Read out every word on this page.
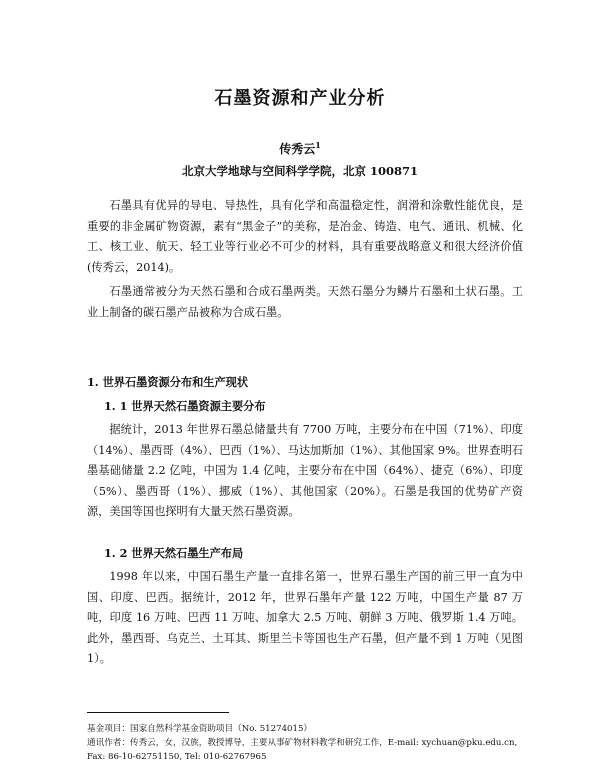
石墨资源和产业分析
传秀云$^1$
北京大学地球与空间科学学院，北京 100871

石墨具有优异的导电、导热性，具有化学和高温稳定性，润滑和涂敷性能优良，是重要的非金属矿物资源，素有“黑金子”的美称，是冶金、铸造、电气、通讯、机械、化工、核工业、航天、轻工业等行业必不可少的材料，具有重要战略意义和很大经济价值(传秀云，2014)。

石墨通常被分为天然石墨和合成石墨两类。天然石墨分为鳞片石墨和土状石墨。工业上制备的碳石墨产品被称为合成石墨。

1. 世界石墨资源分布和生产现状
1. 1 世界天然石墨资源主要分布

据统计，2013 年世界石墨总储量共有 7700 万吨，主要分布在中国（71%）、印度（14%）、墨西哥（4%）、巴西（1%）、马达加斯加（1%）、其他国家 9%。世界查明石墨基础储量 2.2 亿吨，中国为 1.4 亿吨，主要分布在中国（64%）、捷克（6%）、印度（5%）、墨西哥（1%）、挪威（1%）、其他国家（20%）。石墨是我国的优势矿产资源，美国等国也探明有大量天然石墨资源。

1. 2 世界天然石墨生产布局

1998 年以来，中国石墨生产量一直排名第一，世界石墨生产国的前三甲一直为中国、印度、巴西。据统计，2012 年，世界石墨年产量 122 万吨，中国生产量 87 万吨，印度 16 万吨、巴西 11 万吨、加拿大 2.5 万吨、朝鲜 3 万吨、俄罗斯 1.4 万吨。此外，墨西哥、乌克兰、土耳其、斯里兰卡等国也生产石墨，但产量不到 1 万吨（见图 1）。

基金项目：国家自然科学基金资助项目（No. 51274015）
通讯作者：传秀云，女，汉族，教授博导，主要从事矿物材料教学和研究工作，E-mail: xychuan@pku.edu.cn,
Fax: 86-10-62751150, Tel: 010-62767965
